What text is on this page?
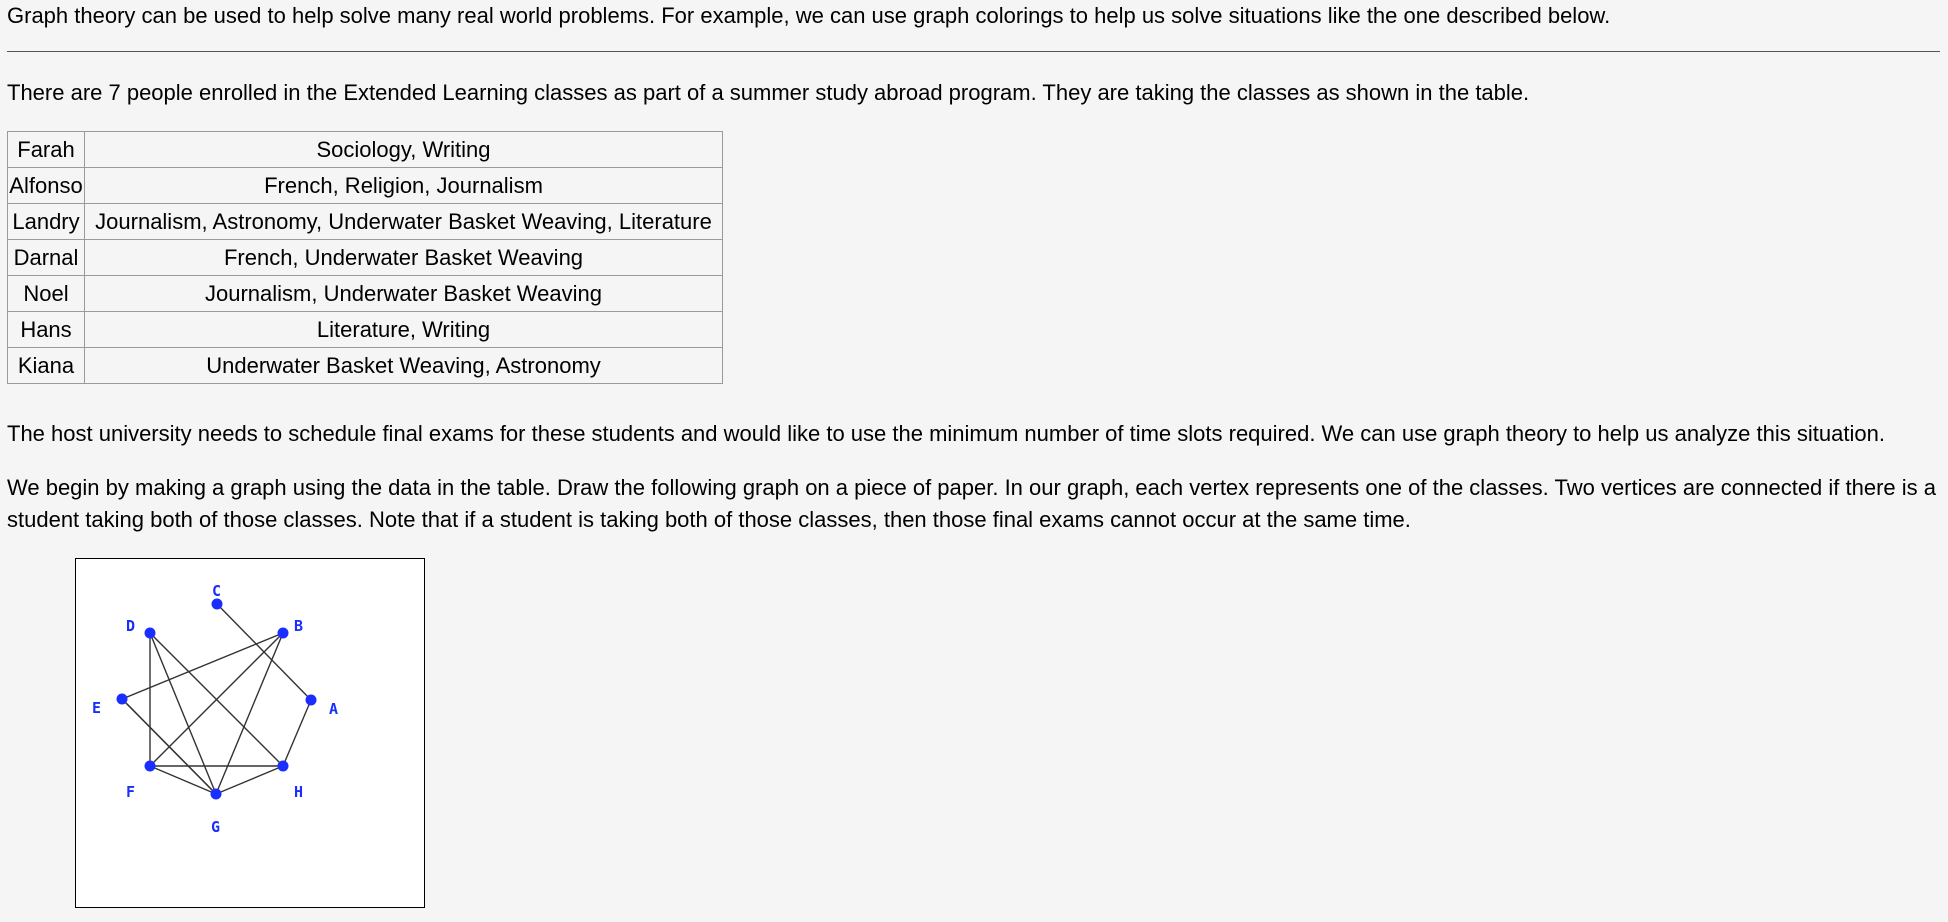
Graph theory can be used to help solve many real world problems. For example, we can use graph colorings to help us solve situations like the one described below.

There are 7 people enrolled in the Extended Learning classes as part of a summer study abroad program. They are taking the classes as shown in the table.

Farah	Sociology, Writing
Alfonso	French, Religion, Journalism
Landry	Journalism, Astronomy, Underwater Basket Weaving, Literature
Darnal	French, Underwater Basket Weaving
Noel	Journalism, Underwater Basket Weaving
Hans	Literature, Writing
Kiana	Underwater Basket Weaving, Astronomy

The host university needs to schedule final exams for these students and would like to use the minimum number of time slots required. We can use graph theory to help us analyze this situation.

We begin by making a graph using the data in the table. Draw the following graph on a piece of paper. In our graph, each vertex represents one of the classes. Two vertices are connected if there is a student taking both of those classes. Note that if a student is taking both of those classes, then those final exams cannot occur at the same time.

A
B
C
D
E
F
G
H
